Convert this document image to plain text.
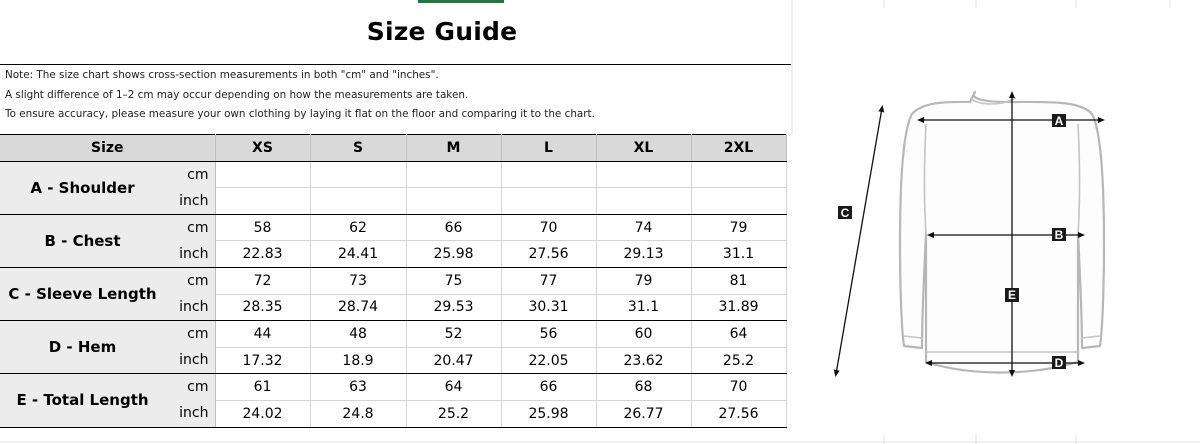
Size Guide
Note: The size chart shows cross-section measurements in both "cm" and "inches".
A slight difference of 1–2 cm may occur depending on how the measurements are taken.
To ensure accuracy, please measure your own clothing by laying it flat on the floor and comparing it to the chart.
Size		XS	S	M	L	XL	2XL
A - Shoulder	cm						
	inch						
B - Chest	cm	58	62	66	70	74	79
	inch	22.83	24.41	25.98	27.56	29.13	31.1
C - Sleeve Length	cm	72	73	75	77	79	81
	inch	28.35	28.74	29.53	30.31	31.1	31.89
D - Hem	cm	44	48	52	56	60	64
	inch	17.32	18.9	20.47	22.05	23.62	25.2
E - Total Length	cm	61	63	64	66	68	70
	inch	24.02	24.8	25.2	25.98	26.77	27.56
A
B
C
D
E
